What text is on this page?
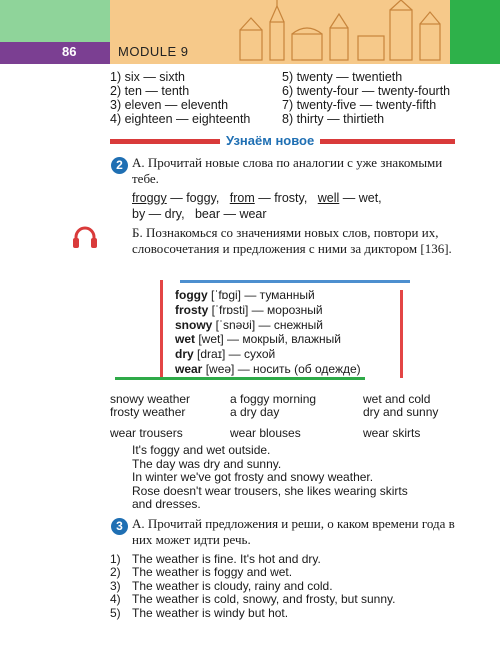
86	MODULE 9
1) six — sixth
2) ten — tenth
3) eleven — eleventh
4) eighteen — eighteenth
5) twenty — twentieth
6) twenty-four — twenty-fourth
7) twenty-five — twenty-fifth
8) thirty — thirtieth
Узнаём новое
2 А. Прочитай новые слова по аналогии с уже знакомыми тебе.
froggy — foggy, from — frosty, well — wet,
by — dry,   bear — wear
Б. Познакомься со значениями новых слов, повтори их, словосочетания и предложения с ними за диктором [136].
foggy [ˈfɒgi] — туманный
frosty [ˈfrɒsti] — морозный
snowy [ˈsnəʊi] — снежный
wet [wet] — мокрый, влажный
dry [draɪ] — сухой
wear [weə] — носить (об одежде)
snowy weather
frosty weather
wear trousers
a foggy morning
a dry day
wear blouses
wet and cold
dry and sunny
wear skirts
It's foggy and wet outside.
The day was dry and sunny.
In winter we've got frosty and snowy weather.
Rose doesn't wear trousers, she likes wearing skirts
and dresses.
3 А. Прочитай предложения и реши, о каком времени года в них может идти речь.
1) The weather is fine. It's hot and dry.
2) The weather is foggy and wet.
3) The weather is cloudy, rainy and cold.
4) The weather is cold, snowy, and frosty, but sunny.
5) The weather is windy but hot.
